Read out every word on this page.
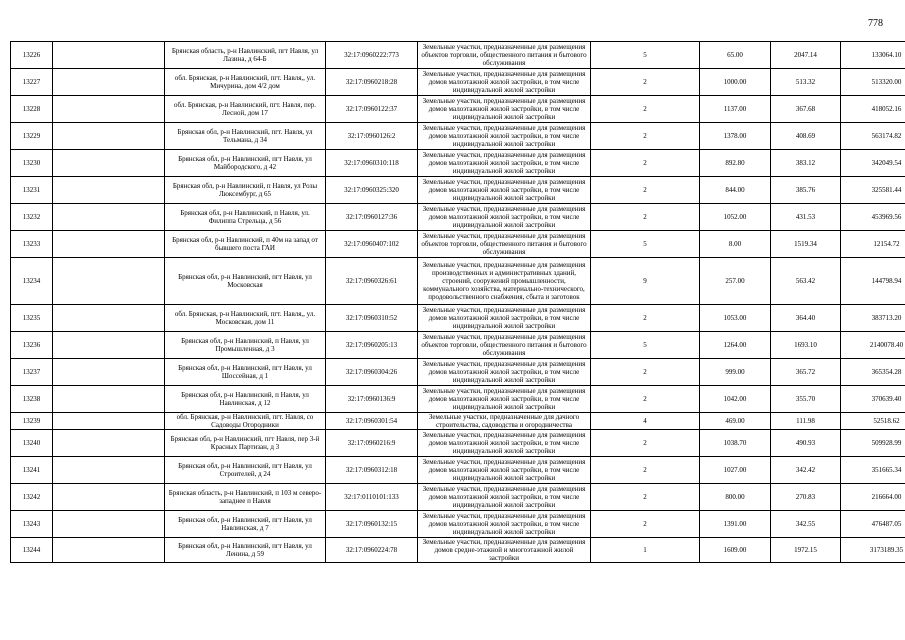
778
13226		Брянская область, р-н Навлинский, пгт Навля, ул Лазина, д 64-Б	32:17:0960222:773	Земельные участки, предназначенные для размещения объектов торговли, общественного питания и бытового обслуживания	5	65.00	2047.14	133064.10
13227		обл. Брянская, р-н Навлинский, пгт. Навля,, ул. Мичурина, дом 4/2 дом	32:17:0960218:28	Земельные участки, предназначенные для размещения домов малоэтажной жилой застройки, в том числе индивидуальной жилой застройки	2	1000.00	513.32	513320.00
13228		обл. Брянская, р-н Навлинский, пгт. Навля, пер. Лесной, дом 17	32:17:0960122:37	Земельные участки, предназначенные для размещения домов малоэтажной жилой застройки, в том числе индивидуальной жилой застройки	2	1137.00	367.68	418052.16
13229		Брянская обл, р-н Навлинский, пгт. Навля, ул Тельмана, д 34	32:17:0960126:2	Земельные участки, предназначенные для размещения домов малоэтажной жилой застройки, в том числе индивидуальной жилой застройки	2	1378.00	408.69	563174.82
13230		Брянская обл, р-н Навлинский, пгт Навля, ул Майбородского, д 42	32:17:0960310:118	Земельные участки, предназначенные для размещения домов малоэтажной жилой застройки, в том числе индивидуальной жилой застройки	2	892.80	383.12	342049.54
13231		Брянская обл, р-н Навлинский, п Навля, ул Розы Люксембург, д 65	32:17:0960325:320	Земельные участки, предназначенные для размещения домов малоэтажной жилой застройки, в том числе индивидуальной жилой застройки	2	844.00	385.76	325581.44
13232		Брянская обл, р-н Навлинский, п Навля, ул. Филиппа Стрельца, д 56	32:17:0960127:36	Земельные участки, предназначенные для размещения домов малоэтажной жилой застройки, в том числе индивидуальной жилой застройки	2	1052.00	431.53	453969.56
13233		Брянская обл, р-н Навлинский, п 40м на запад от бывшего поста ГАИ	32:17:0960407:102	Земельные участки, предназначенные для размещения объектов торговли, общественного питания и бытового обслуживания	5	8.00	1519.34	12154.72
13234		Брянская обл, р-н Навлинский, пгт Навля, ул Московская	32:17:0960326:61	Земельные участки, предназначенные для размещения производственных и административных зданий, строений, сооружений промышленности, коммунального хозяйства, материально-технического, продовольственного снабжения, сбыта и заготовок	9	257.00	563.42	144798.94
13235		обл. Брянская, р-н Навлинский, пгт. Навля,, ул. Московская, дом 11	32:17:0960310:52	Земельные участки, предназначенные для размещения домов малоэтажной жилой застройки, в том числе индивидуальной жилой застройки	2	1053.00	364.40	383713.20
13236		Брянская обл, р-н Навлинский, п Навля, ул Промышленная, д 3	32:17:0960205:13	Земельные участки, предназначенные для размещения объектов торговли, общественного питания и бытового обслуживания	5	1264.00	1693.10	2140078.40
13237		Брянская обл, р-н Навлинский, пгт Навля, ул Шоссейная, д 1	32:17:0960304:26	Земельные участки, предназначенные для размещения домов малоэтажной жилой застройки, в том числе индивидуальной жилой застройки	2	999.00	365.72	365354.28
13238		Брянская обл, р-н Навлинский, п Навля, ул Навлинская, д 12	32:17:0960136:9	Земельные участки, предназначенные для размещения домов малоэтажной жилой застройки, в том числе индивидуальной жилой застройки	2	1042.00	355.70	370639.40
13239		обл. Брянская, р-н Навлинский, пгт. Навля, со Садоводы Огородники	32:17:0960301:54	Земельные участки, предназначенные для дачного строительства, садоводства и огородничества	4	469.00	111.98	52518.62
13240		Брянская обл, р-н Навлинский, пгт Навля, пер 3-й Красных Партизан, д 3	32:17:0960216:9	Земельные участки, предназначенные для размещения домов малоэтажной жилой застройки, в том числе индивидуальной жилой застройки	2	1038.70	490.93	509928.99
13241		Брянская обл, р-н Навлинский, пгт Навля, ул Строителей, д 24	32:17:0960312:18	Земельные участки, предназначенные для размещения домов малоэтажной жилой застройки, в том числе индивидуальной жилой застройки	2	1027.00	342.42	351665.34
13242		Брянская область, р-н Навлинский, п 103 м северо-западнее п Навля	32:17:0110101:133	Земельные участки, предназначенные для размещения домов малоэтажной жилой застройки, в том числе индивидуальной жилой застройки	2	800.00	270.83	216664.00
13243		Брянская обл, р-н Навлинский, пгт Навля, ул Навлинская, д 7	32:17:0960132:15	Земельные участки, предназначенные для размещения домов малоэтажной жилой застройки, в том числе индивидуальной жилой застройки	2	1391.00	342.55	476487.05
13244		Брянская обл, р-н Навлинский, пгт Навля, ул Ленина, д 59	32:17:0960224:78	Земельные участки, предназначенные для размещения домов средне-этажной и многоэтажной жилой застройки	1	1609.00	1972.15	3173189.35
